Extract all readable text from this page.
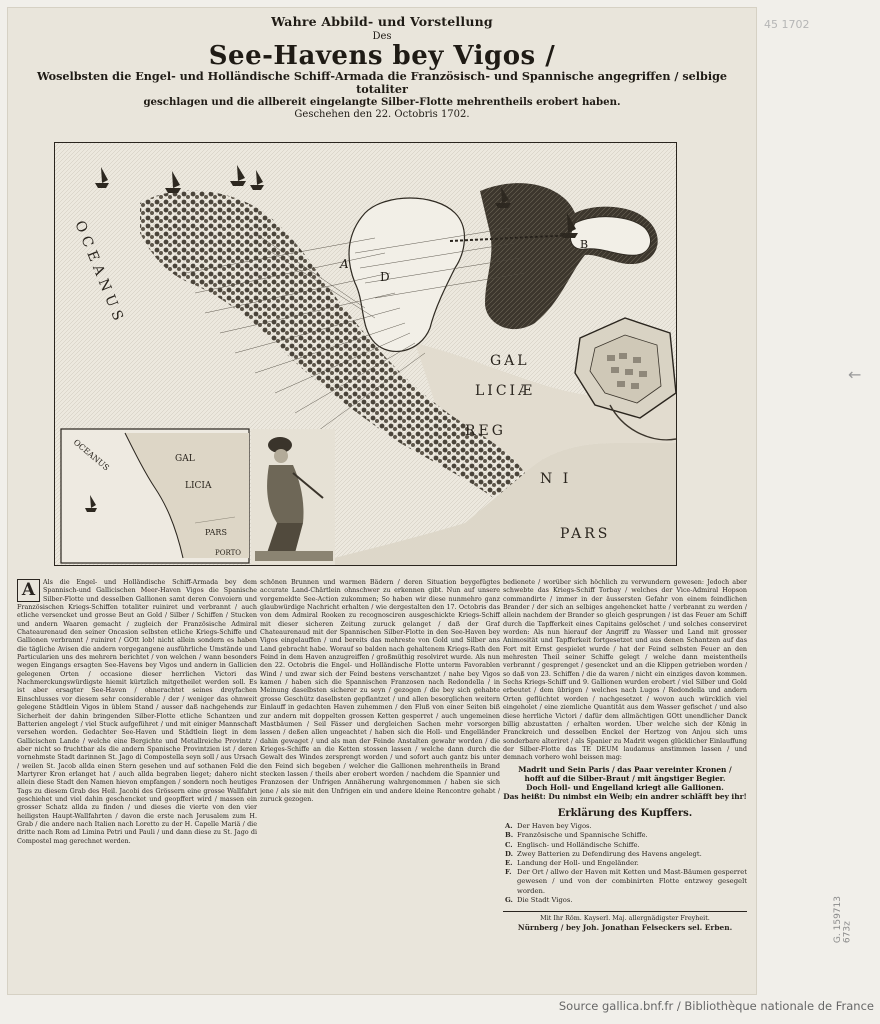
Wahre Abbild- und Vorstellung
Des
See-Havens bey Vigos /
Woselbsten die Engel- und Holländische Schiff-Armada die Französisch- und Spannische angegriffen / selbige totaliter
geschlagen und die allbereit eingelangte Silber-Flotte mehrentheils erobert haben.
Geschehen den 22. Octobris 1702.
OCEANUS	A
D
B
GAL
LICIÆ
REG
N I
PARS
OCEANUS	GAL
LICIA
PARS
PORTO
A	Als die Engel- und Holländische Schiff-Armada bey dem Spannisch-und Gallicischen Meer-Haven Vigos die Spanische Silber-Flotte und desselben Gallionen samt deren Convoiern und Französischen Kriegs-Schiffen totaliter ruiniret und verbrannt / auch etliche versencket und grosse Beut an Gold / Silber / Schiffen / Stucken und andern Waaren gemacht / zugleich der Französische Admiral Chateaurenaud den seiner Oncasion selbsten etliche Kriegs-Schiffe und Gallionen verbrannt / ruiniret / GOtt lob! nicht allein sondern es haben die tägliche Avisen die andern vorgegangene ausführliche Umstände und Particularien uns des mehrern berichtet / von welchen / wann besonders wegen Eingangs ersagten See-Havens bey Vigos und andern in Gallicien gelegenen Orten / occasione dieser herrlichen Victori das Nachmerckungswürdigste hiemit kürtzlich mitgetheilet werden soll. Es ist aber ersagter See-Haven / ohnerachtet seines dreyfachen Einschlusses vor diesem sehr considerable / der / weniger das ohnweit gelegene Städtlein Vigos in üblem Stand / ausser daß nachgehends zur Sicherheit der dahin bringenden Silber-Flotte etliche Schantzen und Batterien angelegt / viel Stuck aufgeführet / und mit einiger Mannschaft versehen worden. Gedachter See-Haven und Städtlein liegt in dem Gallicischen Lande / welche eine Bergichte und Metallreiche Provintz / aber nicht so fruchtbar als die andern Spanische Provintzien ist / deren vornehmste Stadt darinnen St. Jago di Compostella seyn soll / aus Ursach / weilen St. Jacob allda einen Stern gesehen und auf sothanen Feld die Martyrer Kron erlanget hat / auch allda begraben lieget; dahero nicht allein diese Stadt den Namen hievon empfangen / sondern noch heutiges Tags zu diesem Grab des Heil. Jacobi des Grössern eine grosse Wallfahrt geschiehet und viel dahin geschencket und geopffert wird / massen ein grosser Schatz allda zu finden / und dieses die vierte von den vier heiligsten Haupt-Wallfahrten / davon die erste nach Jerusalem zum H. Grab / die andere nach Italien nach Loretto zu der H. Capelle Mariä / die dritte nach Rom ad Limina Petri und Pauli / und dann diese zu St. Jago di Compostel mag gerechnet werden.
schönen Brunnen und warmen Bädern / deren Situation beygefügtes accurate Land-Chärtlein ohnschwer zu erkennen gibt. Nun auf unsere vorgemeldte See-Action zukommen; So haben wir diese nunmehro ganz glaubwürdige Nachricht erhalten / wie dergestalten den 17. Octobris das von dem Admiral Rooken zu recognosciren ausgeschickte Kriegs-Schiff mit dieser sicheren Zeitung zuruck gelanget / daß der Graf Chateaurenaud mit der Spannischen Silber-Flotte in den See-Haven bey Vigos eingelauffen / und bereits das mehreste von Gold und Silber ans Land gebracht habe. Worauf so balden nach gehaltenem Kriegs-Rath den Feind in dem Haven anzugreiffen / großmüthig resolviret wurde. Als nun den 22. Octobris die Engel- und Holländische Flotte unterm Favorablen Wind / und zwar sich der Feind bestens verschantzet / nahe bey Vigos kamen / haben sich die Spannischen Franzosen nach Redondella / in Meinung daselbsten sicherer zu seyn / gezogen / die bey sich gehabte grosse Geschütz daselbsten gepflantzet / und allen besorglichen weitern Einlauff in gedachten Haven zuhemmen / den Fluß von einer Seiten biß zur andern mit doppelten grossen Ketten gesperret / auch ungemeinen Mastbäumen / Seil Fässer und dergleichen Sachen mehr vorsorgen lassen / deßen allen ungeachtet / haben sich die Holl- und Engelländer dahin gewaget / und als man der Feinde Anstalten gewahr worden / die Krieges-Schiffe an die Ketten stossen lassen / welche dann durch die Gewalt des Windes zersprengt worden / und sofort auch gantz bis unter den Feind sich begeben / welcher die Gallionen mehrentheils in Brand stecken lassen / theils aber erobert worden / nachdem die Spannier und Franzosen der Unfrigen Annäherung wahrgenommen / haben sie sich jene / als sie mit den Unfrigen ein und andere kleine Rencontre gehabt / zuruck gezogen.
bedienete / worüber sich höchlich zu verwundern gewesen: Jedoch aber schwebte das Kriegs-Schiff Torbay / welches der Vice-Admiral Hopson commandirte / immer in der äussersten Gefahr von einem feindlichen Brander / der sich an selbiges angehencket hatte / verbrannt zu werden / allein nachdem der Brander so gleich gesprungen / ist das Feuer am Schiff durch die Tapfferkeit eines Capitains gelöschet / und solches conserviret worden: Als nun hierauf der Angriff zu Wasser und Land mit grosser Animosität und Tapfferkeit fortgesetzet und aus denen Schantzen auf das Fort mit Ernst gespielet wurde / hat der Feind selbsten Feuer an den mehresten Theil seiner Schiffe gelegt / welche dann meistentheils verbrannt / gesprenget / gesencket und an die Klippen getrieben worden / so daß von 23. Schiffen / die da waren / nicht ein einziges davon kommen. Sechs Kriegs-Schiff und 9. Gallionen wurden erobert / viel Silber und Gold erbeutet / dem übrigen / welches nach Lugos / Redondella und andern Orten geflüchtet worden / nachgesetzet / wovon auch würcklich viel eingeholet / eine ziemliche Quantität aus dem Wasser gefischet / und also diese herrliche Victori / dafür dem allmächtigen GOtt unendlicher Danck billig abzustatten / erhalten worden. Uber welche sich der König in Franckreich und desselben Enckel der Hertzog von Anjou sich ums sonderbare alteriret / als Spanier zu Madrit wegen glücklicher Einlauffung der Silber-Flotte das TE DEUM laudamus anstimmen lassen / und demnach vorhero wohl beissen mag:
Madrit und Sein Paris / das Paar vereinter Kronen /
hofft auf die Silber-Braut / mit ängstiger Begier.
Doch Holl- und Engelland kriegt alle Gallionen.
Das heißt: Du nimbst ein Weib; ein andrer schläfft bey ihr!
Erklärung des Kupffers.
A. Der Haven bey Vigos.
B. Französische und Spannische Schiffe.
C. Englisch- und Holländische Schiffe.
D. Zwey Batterien zu Defendirung des Havens angelegt.
E. Landung der Holl- und Engeländer.
F. Der Ort / allwo der Haven mit Ketten und Mast-Bäumen gesperret gewesen / und von der combinirten Flotte entzwey gesegelt worden.
G. Die Stadt Vigos.
Mit Ihr Röm. Kayserl. Maj. allergnädigster Freyheit.
Nürnberg / bey Joh. Jonathan Felseckers sel. Erben.
45 1702
G. 159713
673z
←
Source gallica.bnf.fr / Bibliothèque nationale de France
